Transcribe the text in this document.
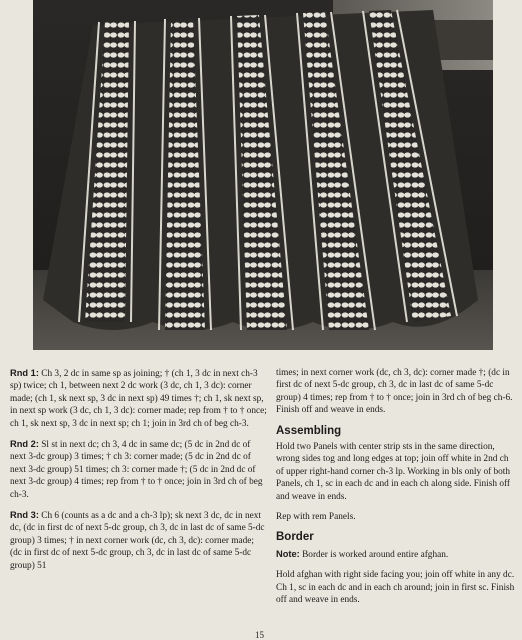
Rnd 1: Ch 3, 2 dc in same sp as joining; † (ch 1, 3 dc in next ch-3 sp) twice; ch 1, between next 2 dc work (3 dc, ch 1, 3 dc): corner made; (ch 1, sk next sp, 3 dc in next sp) 49 times †; ch 1, sk next sp, in next sp work (3 dc, ch 1, 3 dc): corner made; rep from † to † once; ch 1, sk next sp, 3 dc in next sp; ch 1; join in 3rd ch of beg ch-3.

Rnd 2: Sl st in next dc; ch 3, 4 dc in same dc; (5 dc in 2nd dc of next 3-dc group) 3 times; † ch 3: corner made; (5 dc in 2nd dc of next 3-dc group) 51 times; ch 3: corner made †; (5 dc in 2nd dc of next 3-dc group) 4 times; rep from † to † once; join in 3rd ch of beg ch-3.

Rnd 3: Ch 6 (counts as a dc and a ch-3 lp); sk next 3 dc, dc in next dc, (dc in first dc of next 5-dc group, ch 3, dc in last dc of same 5-dc group) 3 times; † in next corner work (dc, ch 3, dc): corner made; (dc in first dc of next 5-dc group, ch 3, dc in last dc of same 5-dc group) 51

times; in next corner work (dc, ch 3, dc): corner made †; (dc in first dc of next 5-dc group, ch 3, dc in last dc of same 5-dc group) 4 times; rep from † to † once; join in 3rd ch of beg ch-6. Finish off and weave in ends.

Assembling

Hold two Panels with center strip sts in the same direction, wrong sides tog and long edges at top; join off white in 2nd ch of upper right-hand corner ch-3 lp. Working in bls only of both Panels, ch 1, sc in each dc and in each ch along side. Finish off and weave in ends.

Rep with rem Panels.

Border

Note: Border is worked around entire afghan.

Hold afghan with right side facing you; join off white in any dc. Ch 1, sc in each dc and in each ch around; join in first sc. Finish off and weave in ends.

15
